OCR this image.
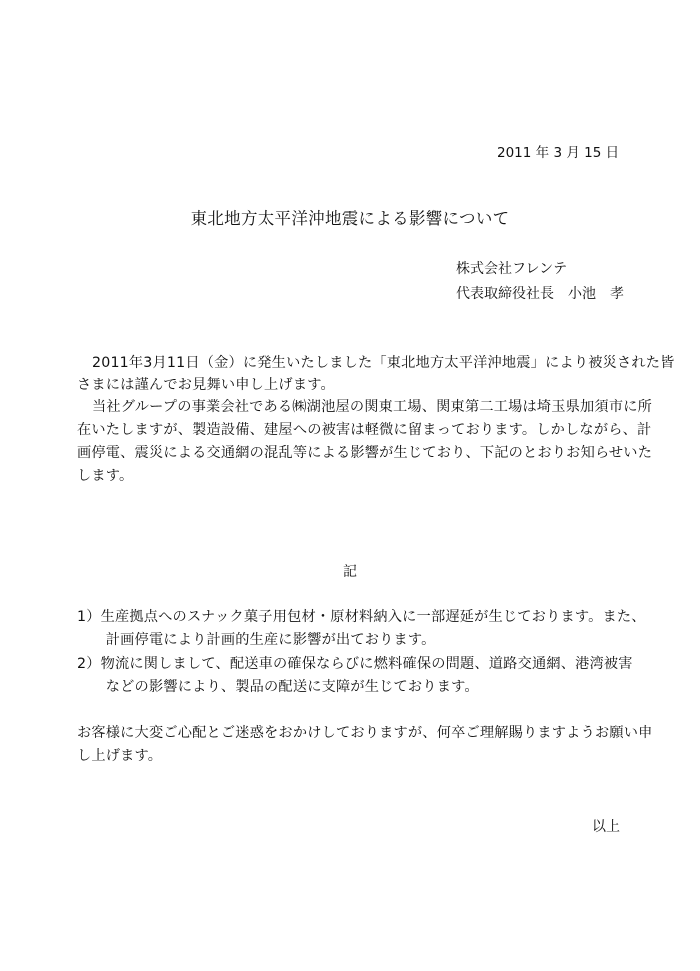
2011 年 3 月 15 日
東北地方太平洋沖地震による影響について
株式会社フレンテ
代表取締役社長　小池　孝
2011年3月11日（金）に発生いたしました「東北地方太平洋沖地震」により被災された皆
さまには謹んでお見舞い申し上げます。
当社グループの事業会社である㈱湖池屋の関東工場、関東第二工場は埼玉県加須市に所
在いたしますが、製造設備、建屋への被害は軽微に留まっております。しかしながら、計
画停電、震災による交通網の混乱等による影響が生じており、下記のとおりお知らせいた
します。
記
1）生産拠点へのスナック菓子用包材・原材料納入に一部遅延が生じております。また、
　　計画停電により計画的生産に影響が出ております。
2）物流に関しまして、配送車の確保ならびに燃料確保の問題、道路交通網、港湾被害
　　などの影響により、製品の配送に支障が生じております。
お客様に大変ご心配とご迷惑をおかけしておりますが、何卒ご理解賜りますようお願い申
し上げます。
以上
